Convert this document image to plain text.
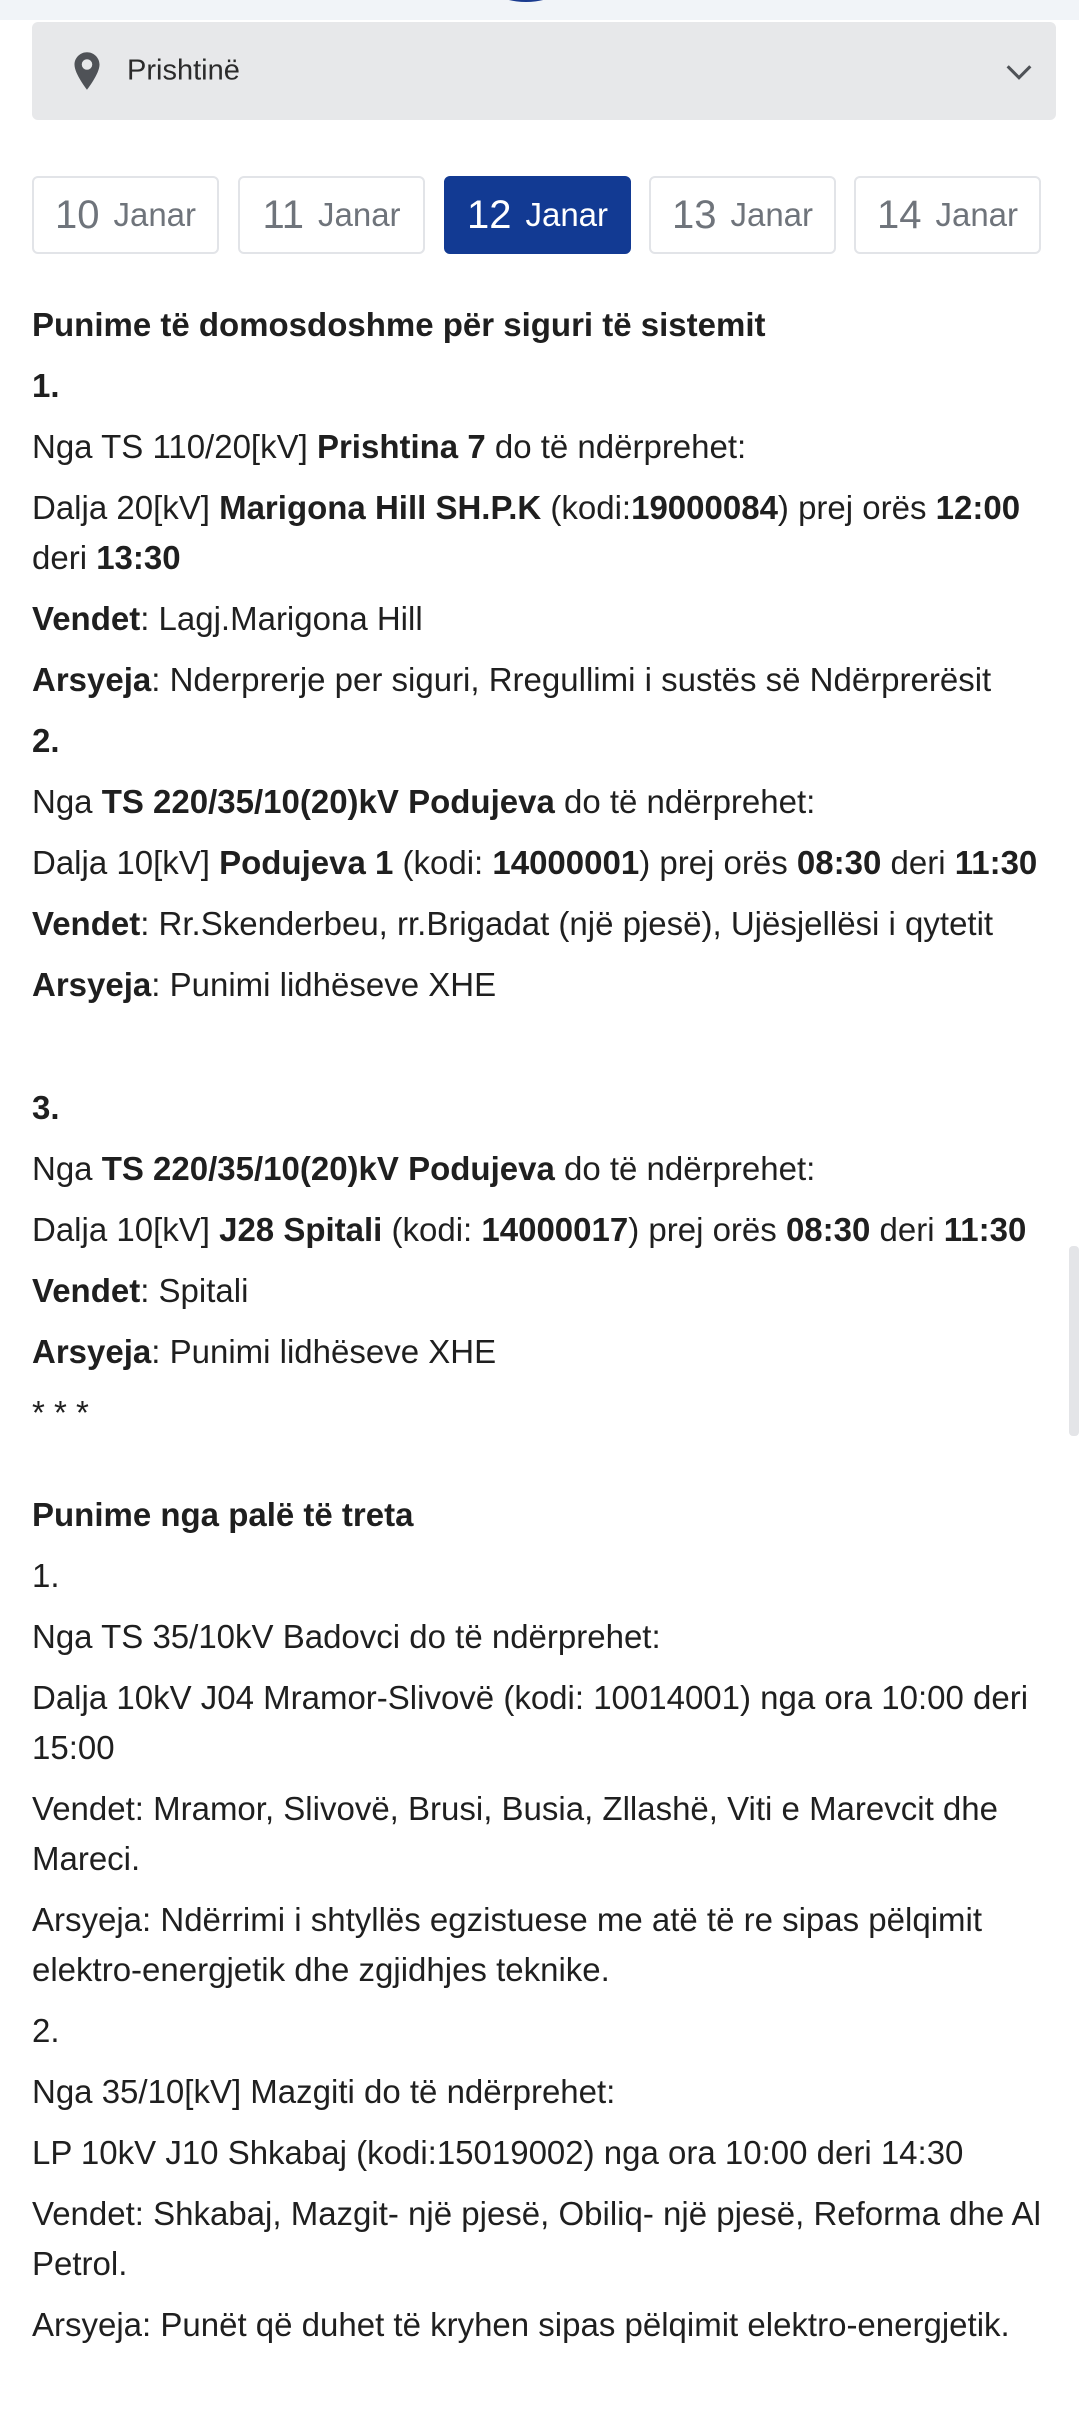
Prishtinë
10 Janar 11 Janar 12 Janar 13 Janar 14 Janar
Punime të domosdoshme për siguri të sistemit

1.

Nga TS 110/20[kV] Prishtina 7 do të ndërprehet:

Dalja 20[kV] Marigona Hill SH.P.K (kodi:19000084) prej orës 12:00 deri 13:30

Vendet: Lagj.Marigona Hill

Arsyeja: Nderprerje per siguri, Rregullimi i sustës së Ndërprerësit

2.

Nga TS 220/35/10(20)kV Podujeva do të ndërprehet:

Dalja 10[kV] Podujeva 1 (kodi: 14000001) prej orës 08:30 deri 11:30

Vendet: Rr.Skenderbeu, rr.Brigadat (një pjesë), Ujësjellësi i qytetit

Arsyeja: Punimi lidhëseve XHE

3.

Nga TS 220/35/10(20)kV Podujeva do të ndërprehet:

Dalja 10[kV] J28 Spitali (kodi: 14000017) prej orës 08:30 deri 11:30

Vendet: Spitali

Arsyeja: Punimi lidhëseve XHE

* * *

Punime nga palë të treta

1.

Nga TS 35/10kV Badovci do të ndërprehet:

Dalja 10kV J04 Mramor-Slivovë (kodi: 10014001) nga ora 10:00 deri 15:00

Vendet: Mramor, Slivovë, Brusi, Busia, Zllashë, Viti e Marevcit dhe Mareci.

Arsyeja: Ndërrimi i shtyllës egzistuese me atë të re sipas pëlqimit elektro-energjetik dhe zgjidhjes teknike.

2.

Nga 35/10[kV] Mazgiti do të ndërprehet:

LP 10kV J10 Shkabaj (kodi:15019002) nga ora 10:00 deri 14:30

Vendet: Shkabaj, Mazgit- një pjesë, Obiliq- një pjesë, Reforma dhe Al Petrol.

Arsyeja: Punët që duhet të kryhen sipas pëlqimit elektro-energjetik.
